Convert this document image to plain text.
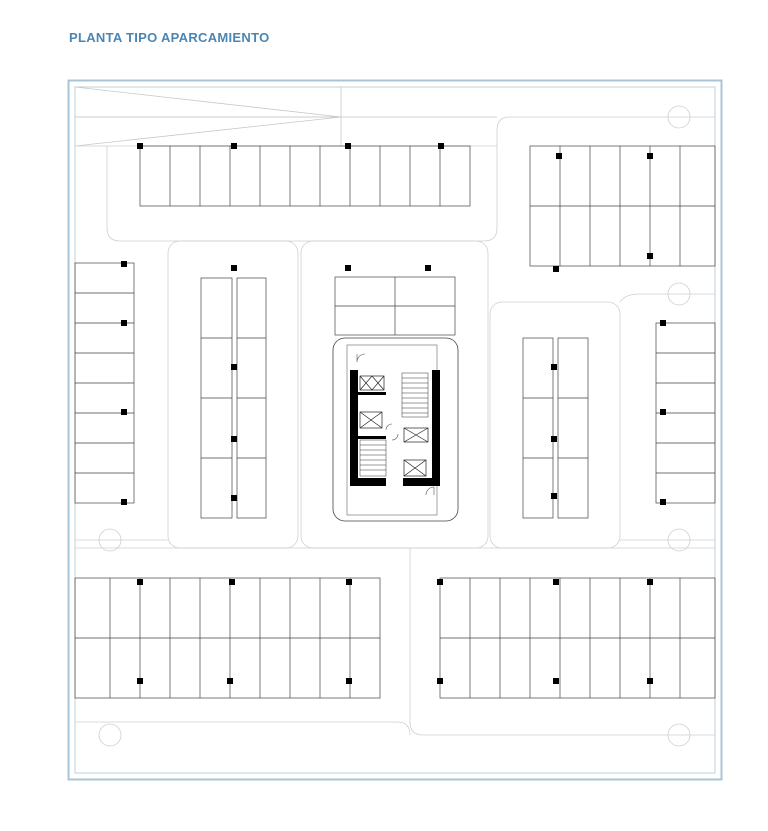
PLANTA TIPO APARCAMIENTO
